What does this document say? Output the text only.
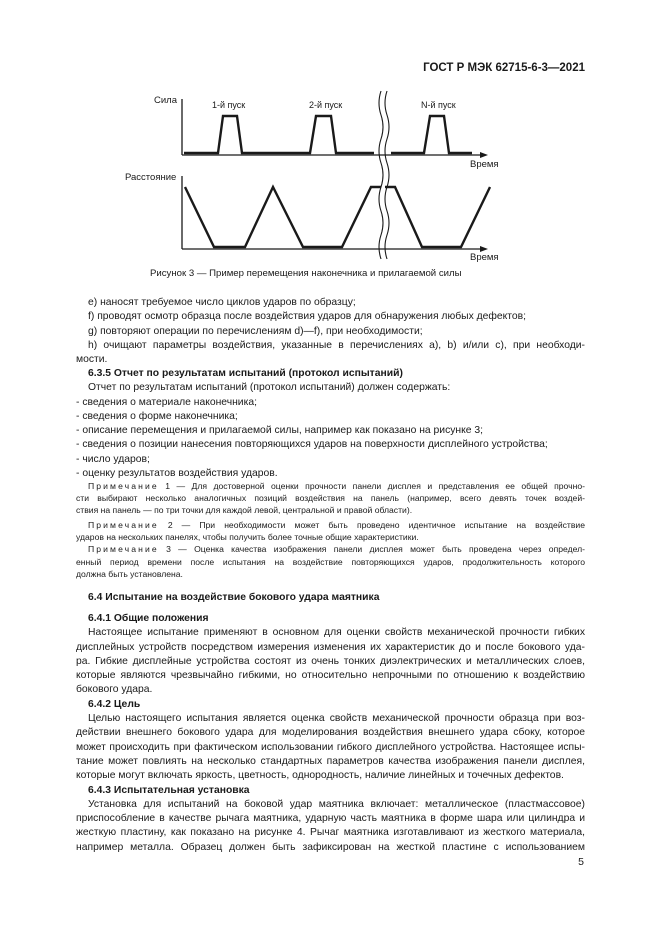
ГОСТ Р МЭК 62715-6-3—2021
Сила	1-й пуск	2-й пуск	N-й пуск
Время
Расстояние
Время
Рисунок 3 — Пример перемещения наконечника и прилагаемой силы

е) наносят требуемое число циклов ударов по образцу;

f) проводят осмотр образца после воздействия ударов для обнаружения любых дефектов;

g) повторяют операции по перечислениям d)—f), при необходимости;

h) очищают параметры воздействия, указанные в перечислениях а), b) и/или с), при необходи-

мости.

6.3.5 Отчет по результатам испытаний (протокол испытаний)

Отчет по результатам испытаний (протокол испытаний) должен содержать:

- сведения о материале наконечника;

- сведения о форме наконечника;

- описание перемещения и прилагаемой силы, например как показано на рисунке 3;

- сведения о позиции нанесения повторяющихся ударов на поверхности дисплейного устройства;

- число ударов;

- оценку результатов воздействия ударов.

Примечание 1 — Для достоверной оценки прочности панели дисплея и представления ее общей прочно-

сти выбирают несколько аналогичных позиций воздействия на панель (например, всего девять точек воздей-

ствия на панель — по три точки для каждой левой, центральной и правой области).

Примечание 2 — При необходимости может быть проведено идентичное испытание на воздействие

ударов на нескольких панелях, чтобы получить более точные общие характеристики.

Примечание 3 — Оценка качества изображения панели дисплея может быть проведена через определ-

енный период времени после испытания на воздействие повторяющихся ударов, продолжительность которого

должна быть установлена.

6.4 Испытание на воздействие бокового удара маятника

6.4.1 Общие положения

Настоящее испытание применяют в основном для оценки свойств механической прочности гибких

дисплейных устройств посредством измерения изменения их характеристик до и после бокового уда-

ра. Гибкие дисплейные устройства состоят из очень тонких диэлектрических и металлических слоев,

которые являются чрезвычайно гибкими, но относительно непрочными по отношению к воздействию

бокового удара.

6.4.2 Цель

Целью настоящего испытания является оценка свойств механической прочности образца при воз-

действии внешнего бокового удара для моделирования воздействия внешнего удара сбоку, которое

может происходить при фактическом использовании гибкого дисплейного устройства. Настоящее испы-

тание может повлиять на несколько стандартных параметров качества изображения панели дисплея,

которые могут включать яркость, цветность, однородность, наличие линейных и точечных дефектов.

6.4.3 Испытательная установка

Установка для испытаний на боковой удар маятника включает: металлическое (пластмассовое)

приспособление в качестве рычага маятника, ударную часть маятника в форме шара или цилиндра и

жесткую пластину, как показано на рисунке 4. Рычаг маятника изготавливают из жесткого материала,

например металла. Образец должен быть зафиксирован на жесткой пластине с использованием

5
